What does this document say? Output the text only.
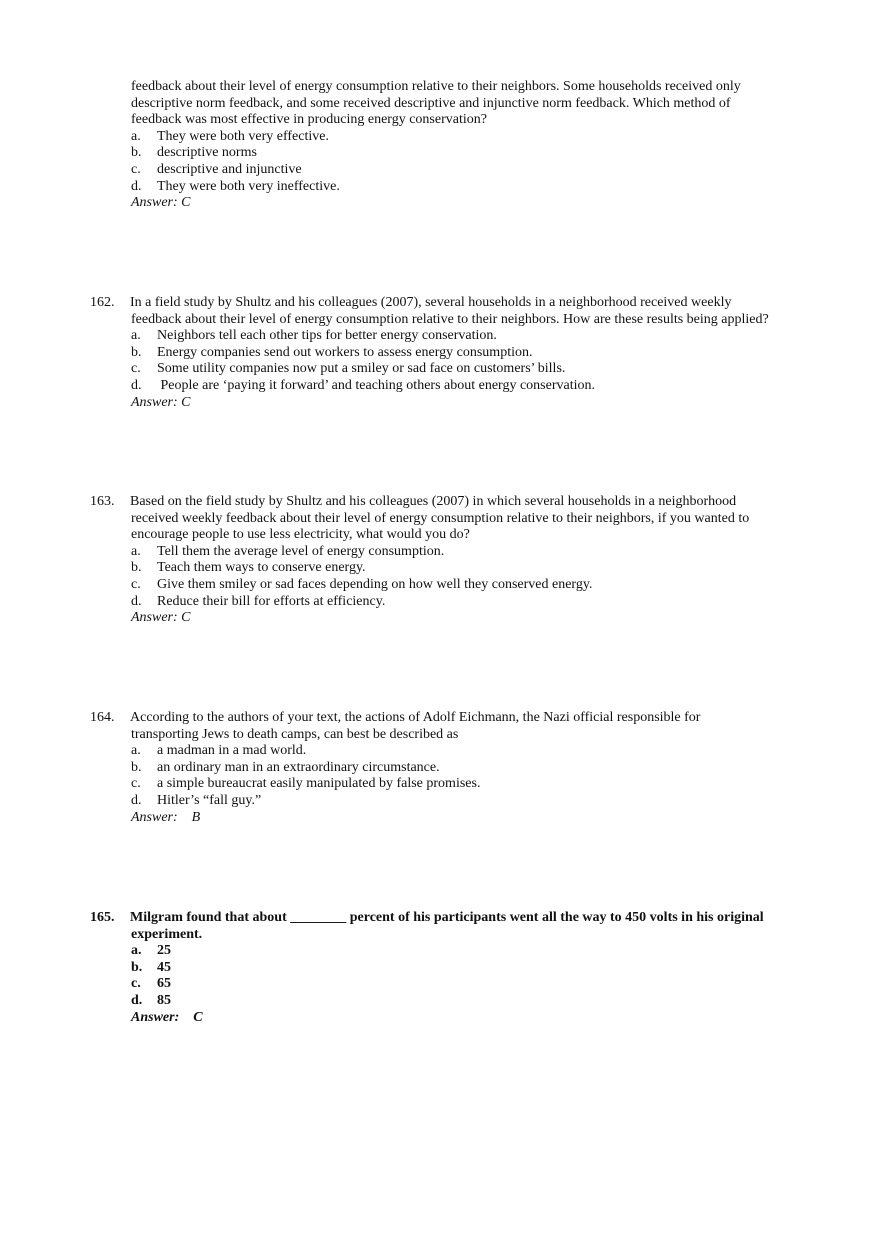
feedback about their level of energy consumption relative to their neighbors. Some households received only
descriptive norm feedback, and some received descriptive and injunctive norm feedback. Which method of
feedback was most effective in producing energy conservation?
a. They were both very effective.
b. descriptive norms
c. descriptive and injunctive
d. They were both very ineffective.
Answer: C
162. In a field study by Shultz and his colleagues (2007), several households in a neighborhood received weekly
feedback about their level of energy consumption relative to their neighbors. How are these results being applied?
a. Neighbors tell each other tips for better energy conservation.
b. Energy companies send out workers to assess energy consumption.
c. Some utility companies now put a smiley or sad face on customers’ bills.
d. People are ‘paying it forward’ and teaching others about energy conservation.
Answer: C
163. Based on the field study by Shultz and his colleagues (2007) in which several households in a neighborhood
received weekly feedback about their level of energy consumption relative to their neighbors, if you wanted to
encourage people to use less electricity, what would you do?
a. Tell them the average level of energy consumption.
b. Teach them ways to conserve energy.
c. Give them smiley or sad faces depending on how well they conserved energy.
d. Reduce their bill for efforts at efficiency.
Answer: C
164. According to the authors of your text, the actions of Adolf Eichmann, the Nazi official responsible for
transporting Jews to death camps, can best be described as
a. a madman in a mad world.
b. an ordinary man in an extraordinary circumstance.
c. a simple bureaucrat easily manipulated by false promises.
d. Hitler’s “fall guy.”
Answer: B
165. Milgram found that about ________ percent of his participants went all the way to 450 volts in his original
experiment.
a. 25
b. 45
c. 65
d. 85
Answer: C
